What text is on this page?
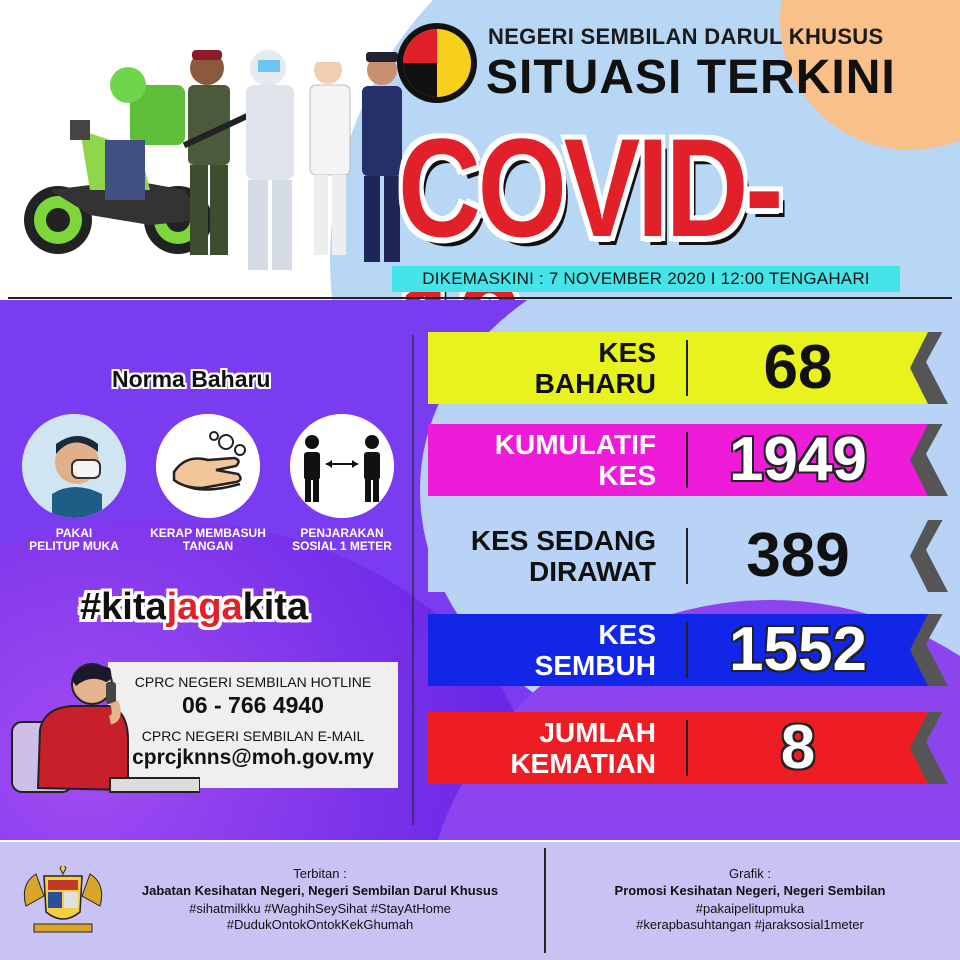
NEGERI SEMBILAN DARUL KHUSUS
SITUASI TERKINI
COVID-
DIKEMASKINI : 7 NOVEMBER 2020 I 12:00 TENGAHARI
Norma Baharu
PAKAI
PELITUP MUKA
KERAP MEMBASUH
TANGAN
PENJARAKAN
SOSIAL 1 METER
#kitajagakita
CPRC NEGERI SEMBILAN HOTLINE
06 - 766 4940
CPRC NEGERI SEMBILAN E-MAIL
cprcjknns@moh.gov.my
Terbitan :
Jabatan Kesihatan Negeri, Negeri Sembilan Darul Khusus
#sihatmilkku #WaghihSeySihat #StayAtHome
#DudukOntokOntokKekGhumah
Grafik :
Promosi Kesihatan Negeri, Negeri Sembilan
#pakaipelitupmuka
#kerapbasuhtangan #jaraksosial1meter
KES
BAHARU	68
KUMULATIF
KES	1949
KES SEDANG
DIRAWAT	389
KES
SEMBUH	1552
JUMLAH
KEMATIAN	8
